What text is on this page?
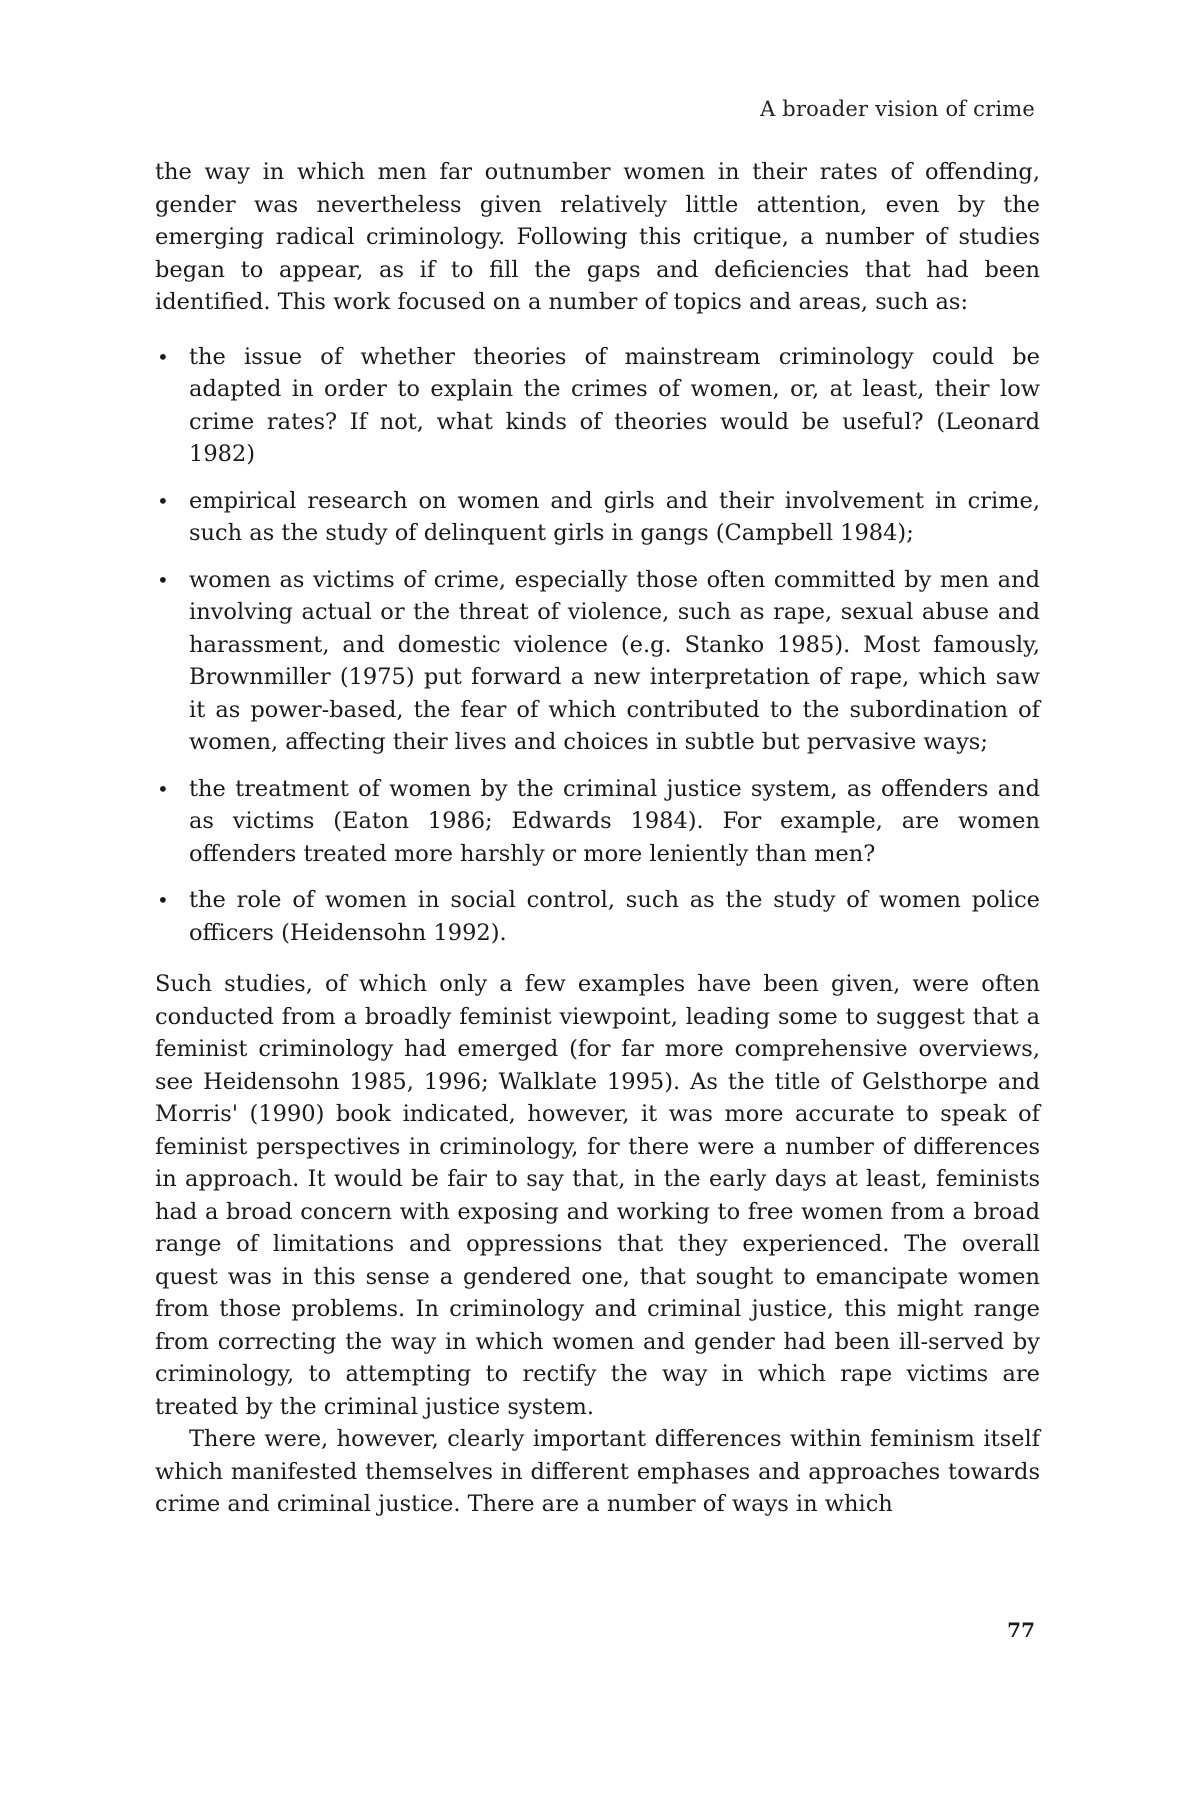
A broader vision of crime

the way in which men far outnumber women in their rates of offending, gender was nevertheless given relatively little attention, even by the emerging radical criminology. Following this critique, a number of studies began to appear, as if to fill the gaps and deficiencies that had been identified. This work focused on a number of topics and areas, such as:

• the issue of whether theories of mainstream criminology could be adapted in order to explain the crimes of women, or, at least, their low crime rates? If not, what kinds of theories would be useful? (Leonard 1982)
• empirical research on women and girls and their involvement in crime, such as the study of delinquent girls in gangs (Campbell 1984);
• women as victims of crime, especially those often committed by men and involving actual or the threat of violence, such as rape, sexual abuse and harassment, and domestic violence (e.g. Stanko 1985). Most famously, Brownmiller (1975) put forward a new interpretation of rape, which saw it as power-based, the fear of which contributed to the subordination of women, affecting their lives and choices in subtle but pervasive ways;
• the treatment of women by the criminal justice system, as offenders and as victims (Eaton 1986; Edwards 1984). For example, are women offenders treated more harshly or more leniently than men?
• the role of women in social control, such as the study of women police officers (Heidensohn 1992).

Such studies, of which only a few examples have been given, were often conducted from a broadly feminist viewpoint, leading some to suggest that a feminist criminology had emerged (for far more comprehensive overviews, see Heidensohn 1985, 1996; Walklate 1995). As the title of Gelsthorpe and Morris' (1990) book indicated, however, it was more accurate to speak of feminist perspectives in criminology, for there were a number of differences in approach. It would be fair to say that, in the early days at least, feminists had a broad concern with exposing and working to free women from a broad range of limitations and oppressions that they experienced. The overall quest was in this sense a gendered one, that sought to emancipate women from those problems. In criminology and criminal justice, this might range from correcting the way in which women and gender had been ill-served by criminology, to attempting to rectify the way in which rape victims are treated by the criminal justice system.

There were, however, clearly important differences within feminism itself which manifested themselves in different emphases and approaches towards crime and criminal justice. There are a number of ways in which

77
